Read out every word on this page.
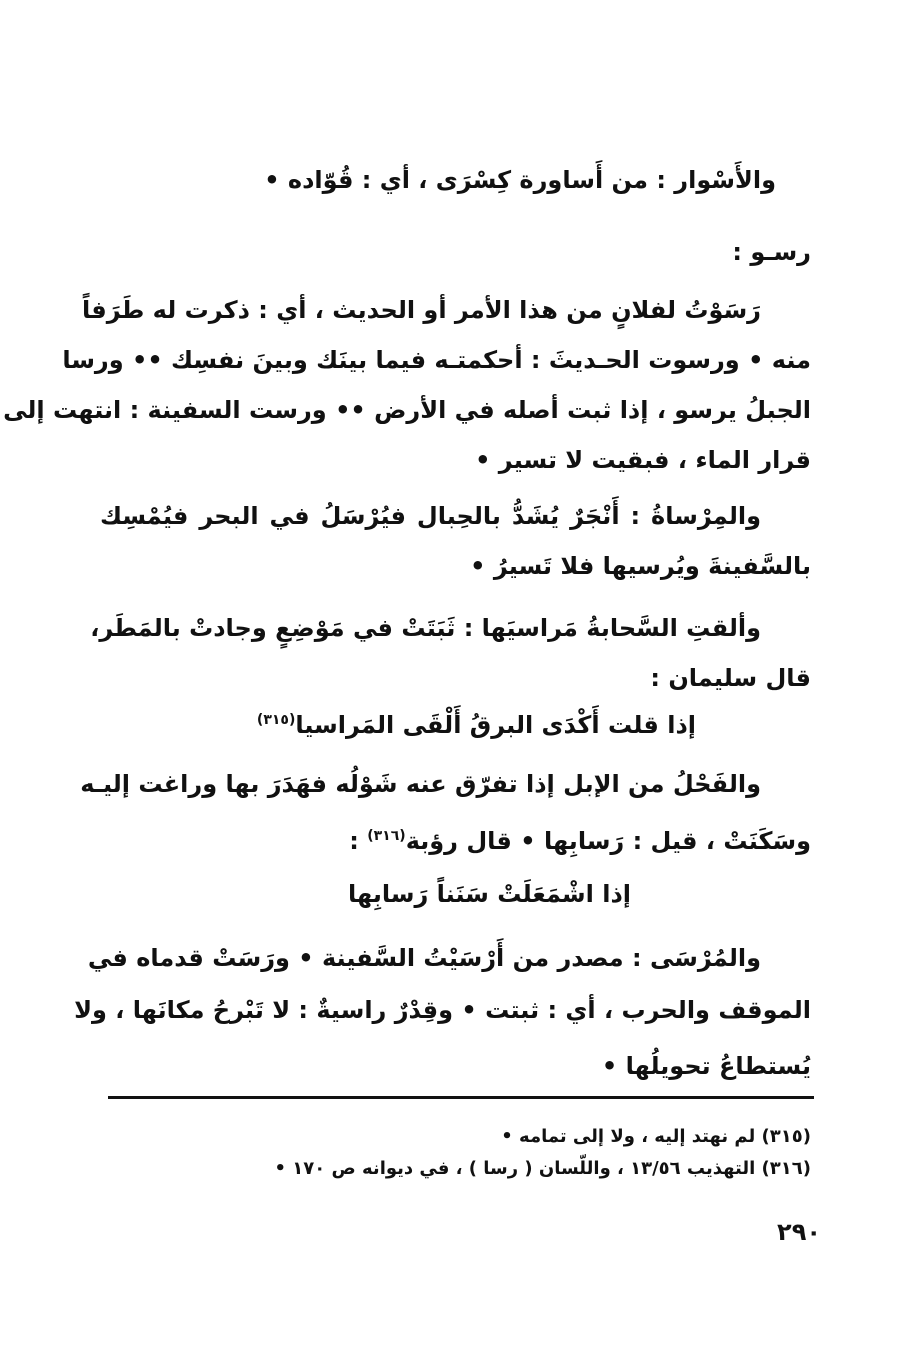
والأَسْوار : من أَساورة كِسْرَى ، أي : قُوّاده •
رسـو :
رَسَوْتُ لفلانٍ من هذا الأمر أو الحديث ، أي : ذكرت له طَرَفاً
منه • ورسوت الحـديثَ : أحكمتـه فيما بينَك وبينَ نفسِك •• ورسا
الجبلُ يرسو ، إذا ثبت أصله في الأرض •• ورست السفينة : انتهت إلى
قرار الماء ، فبقيت لا تسير •
والمِرْساةُ : أَنْجَرٌ يُشَدُّ بالحِبال فيُرْسَلُ في البحر فيُمْسِك
بالسَّفينةَ ويُرسيها فلا تَسيرُ •
وألقتِ السَّحابةُ مَراسيَها : ثَبَتَتْ في مَوْضِعٍ وجادتْ بالمَطَر،
قال سليمان :
إذا قلت أَكْدَى البرقُ أَلْقَى المَراسيا$^{(٣١٥)}$
والفَحْلُ من الإبل إذا تفرّق عنه شَوْلُه فهَدَرَ بها وراغت إليـه
وسَكَنَتْ ، قيل : رَسابِها • قال رؤبة$^{(٣١٦)}$ :
إذا اشْمَعَلَتْ سَنَناً رَسابِها
والمُرْسَى : مصدر من أَرْسَيْتُ السَّفينة • ورَسَتْ قدماه في
الموقف والحرب ، أي : ثبتت • وقِدْرٌ راسيةٌ : لا تَبْرحُ مكانَها ، ولا
يُستطاعُ تحويلُها •
(٣١٥) لم نهتد إليه ، ولا إلى تمامه •
(٣١٦) التهذيب ١٣/٥٦ ، واللّسان ( رسا ) ، في ديوانه ص ١٧٠ •
٢٩٠
